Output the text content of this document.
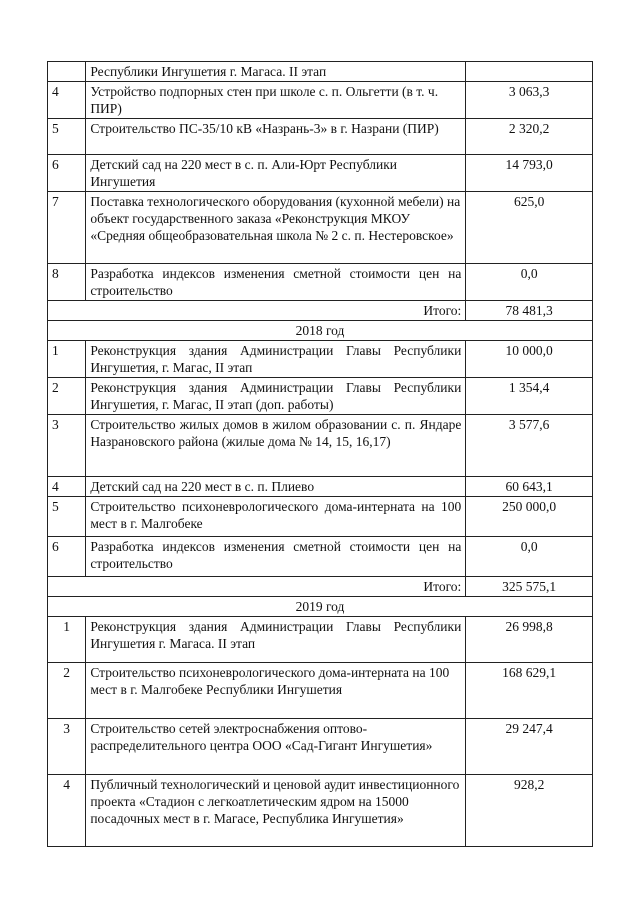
	Республики Ингушетия г. Магаса. II этап	
4	Устройство подпорных стен при школе с. п. Ольгетти (в т. ч. ПИР)	3 063,3
5	Строительство ПС-35/10 кВ «Назрань-3» в г. Назрани (ПИР)	2 320,2
6	Детский сад на 220 мест в с. п. Али-Юрт Республики Ингушетия	14 793,0
7	Поставка технологического оборудования (кухонной мебели) на объект государственного заказа «Реконструкция МКОУ «Средняя общеобразовательная школа № 2 с. п. Нестеровское»	625,0
8	Разработка индексов изменения сметной стоимости цен на строительство	0,0
Итого:		78 481,3
2018 год		
1	Реконструкция здания Администрации Главы Республики Ингушетия, г. Магас, II этап	10 000,0
2	Реконструкция здания Администрации Главы Республики Ингушетия, г. Магас, II этап (доп. работы)	1 354,4
3	Строительство жилых домов в жилом образовании с. п. Яндаре Назрановского района (жилые дома № 14, 15, 16,17)	3 577,6
4	Детский сад на 220 мест в с. п. Плиево	60 643,1
5	Строительство психоневрологического дома-интерната на 100 мест в г. Малгобеке	250 000,0
6	Разработка индексов изменения сметной стоимости цен на строительство	0,0
Итого:		325 575,1
2019 год		
1	Реконструкция здания Администрации Главы Республики Ингушетия г. Магаса. II этап	26 998,8
2	Строительство психоневрологического дома-интерната на 100 мест в г. Малгобеке Республики Ингушетия	168 629,1
3	Строительство сетей электроснабжения оптово-распределительного центра ООО «Сад-Гигант Ингушетия»	29 247,4
4	Публичный технологический и ценовой аудит инвестиционного проекта «Стадион с легкоатлетическим ядром на 15000 посадочных мест в г. Магасе, Республика Ингушетия»	928,2
